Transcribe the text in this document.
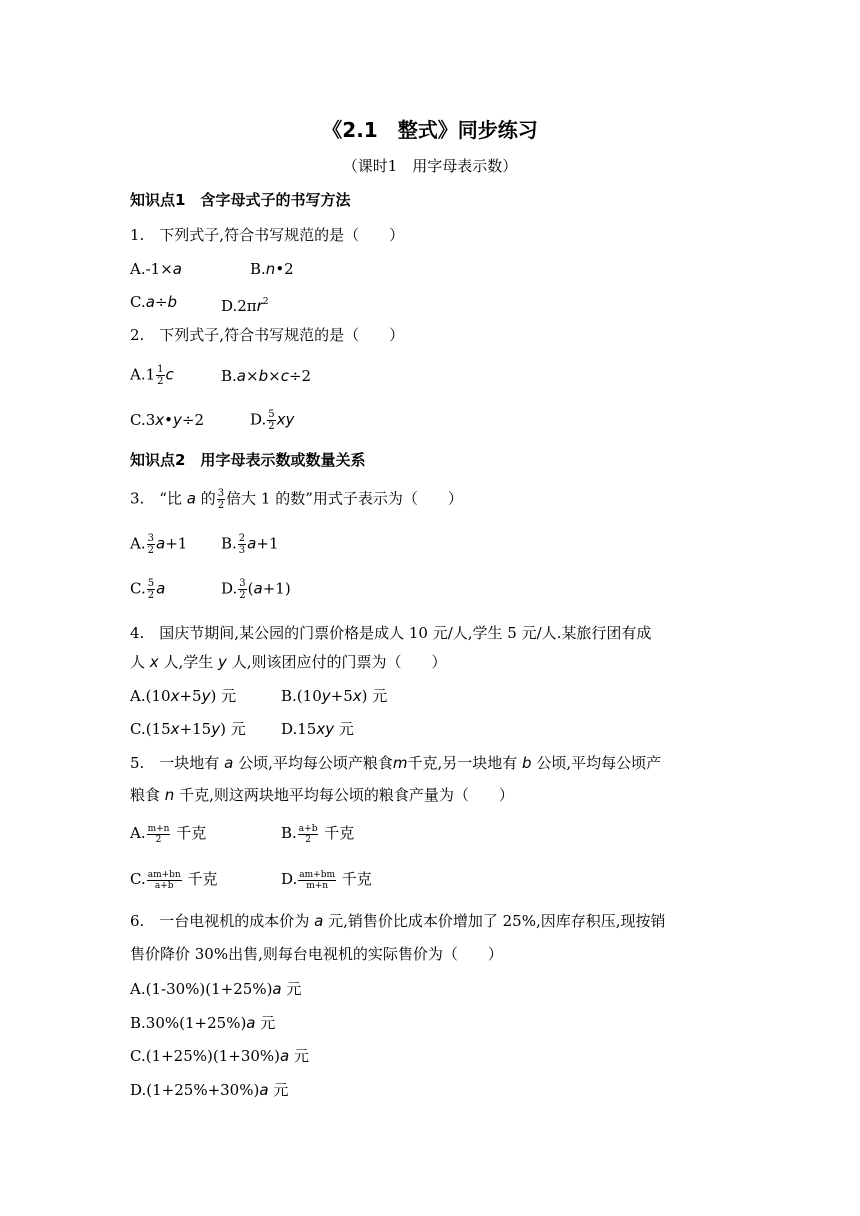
《2.1　整式》同步练习
（课时1　用字母表示数）
知识点1　含字母式子的书写方法
1.　下列式子,符合书写规范的是（　　）
A.-1×a	B.n•2
C.a÷b	$D.2\pi r^2$
2.　下列式子,符合书写规范的是（　　）
$A.1 \frac{1}{2}$ c	B.a×b×c÷2
C.3x•y÷2	D. $\frac{5}{2}$ xy
知识点2　用字母表示数或数量关系
3.　“比 a 的 $\frac{3}{2}$ 倍大 1 的数”用式子表示为（　　）
A. $\frac{3}{2} a+1$ B. $\frac{2}{3} a+1$
C. $\frac{5}{2}$ a	D. $\frac{3}{2} (a+1)$
4.　国庆节期间,某公园的门票价格是成人 10 元/人,学生 5 元/人.某旅行团有成
人 x 人,学生 y 人,则该团应付的门票为（　　）
A.(10x+5y) 元	B.(10y+5x) 元
C.(15x+15y) 元 D.15xy 元
5.　一块地有 a 公顷,平均每公顷产粮食m千克,另一块地有 b 公顷,平均每公顷产
粮食 n 千克,则这两块地平均每公顷的粮食产量为（　　）
A. $\frac{m+n}{2}$ 千克	B. $\frac{a+b}{2}$ 千克
C. $\frac{am+bn}{a+b}$ 千克	D. $\frac{am+bm}{m+n}$ 千克
6.　一台电视机的成本价为 a 元,销售价比成本价增加了 25%,因库存积压,现按销
售价降价 30%出售,则每台电视机的实际售价为（　　）
A.(1-30%)(1+25%)a 元
B.30%(1+25%)a 元
C.(1+25%)(1+30%)a 元
D.(1+25%+30%)a 元
